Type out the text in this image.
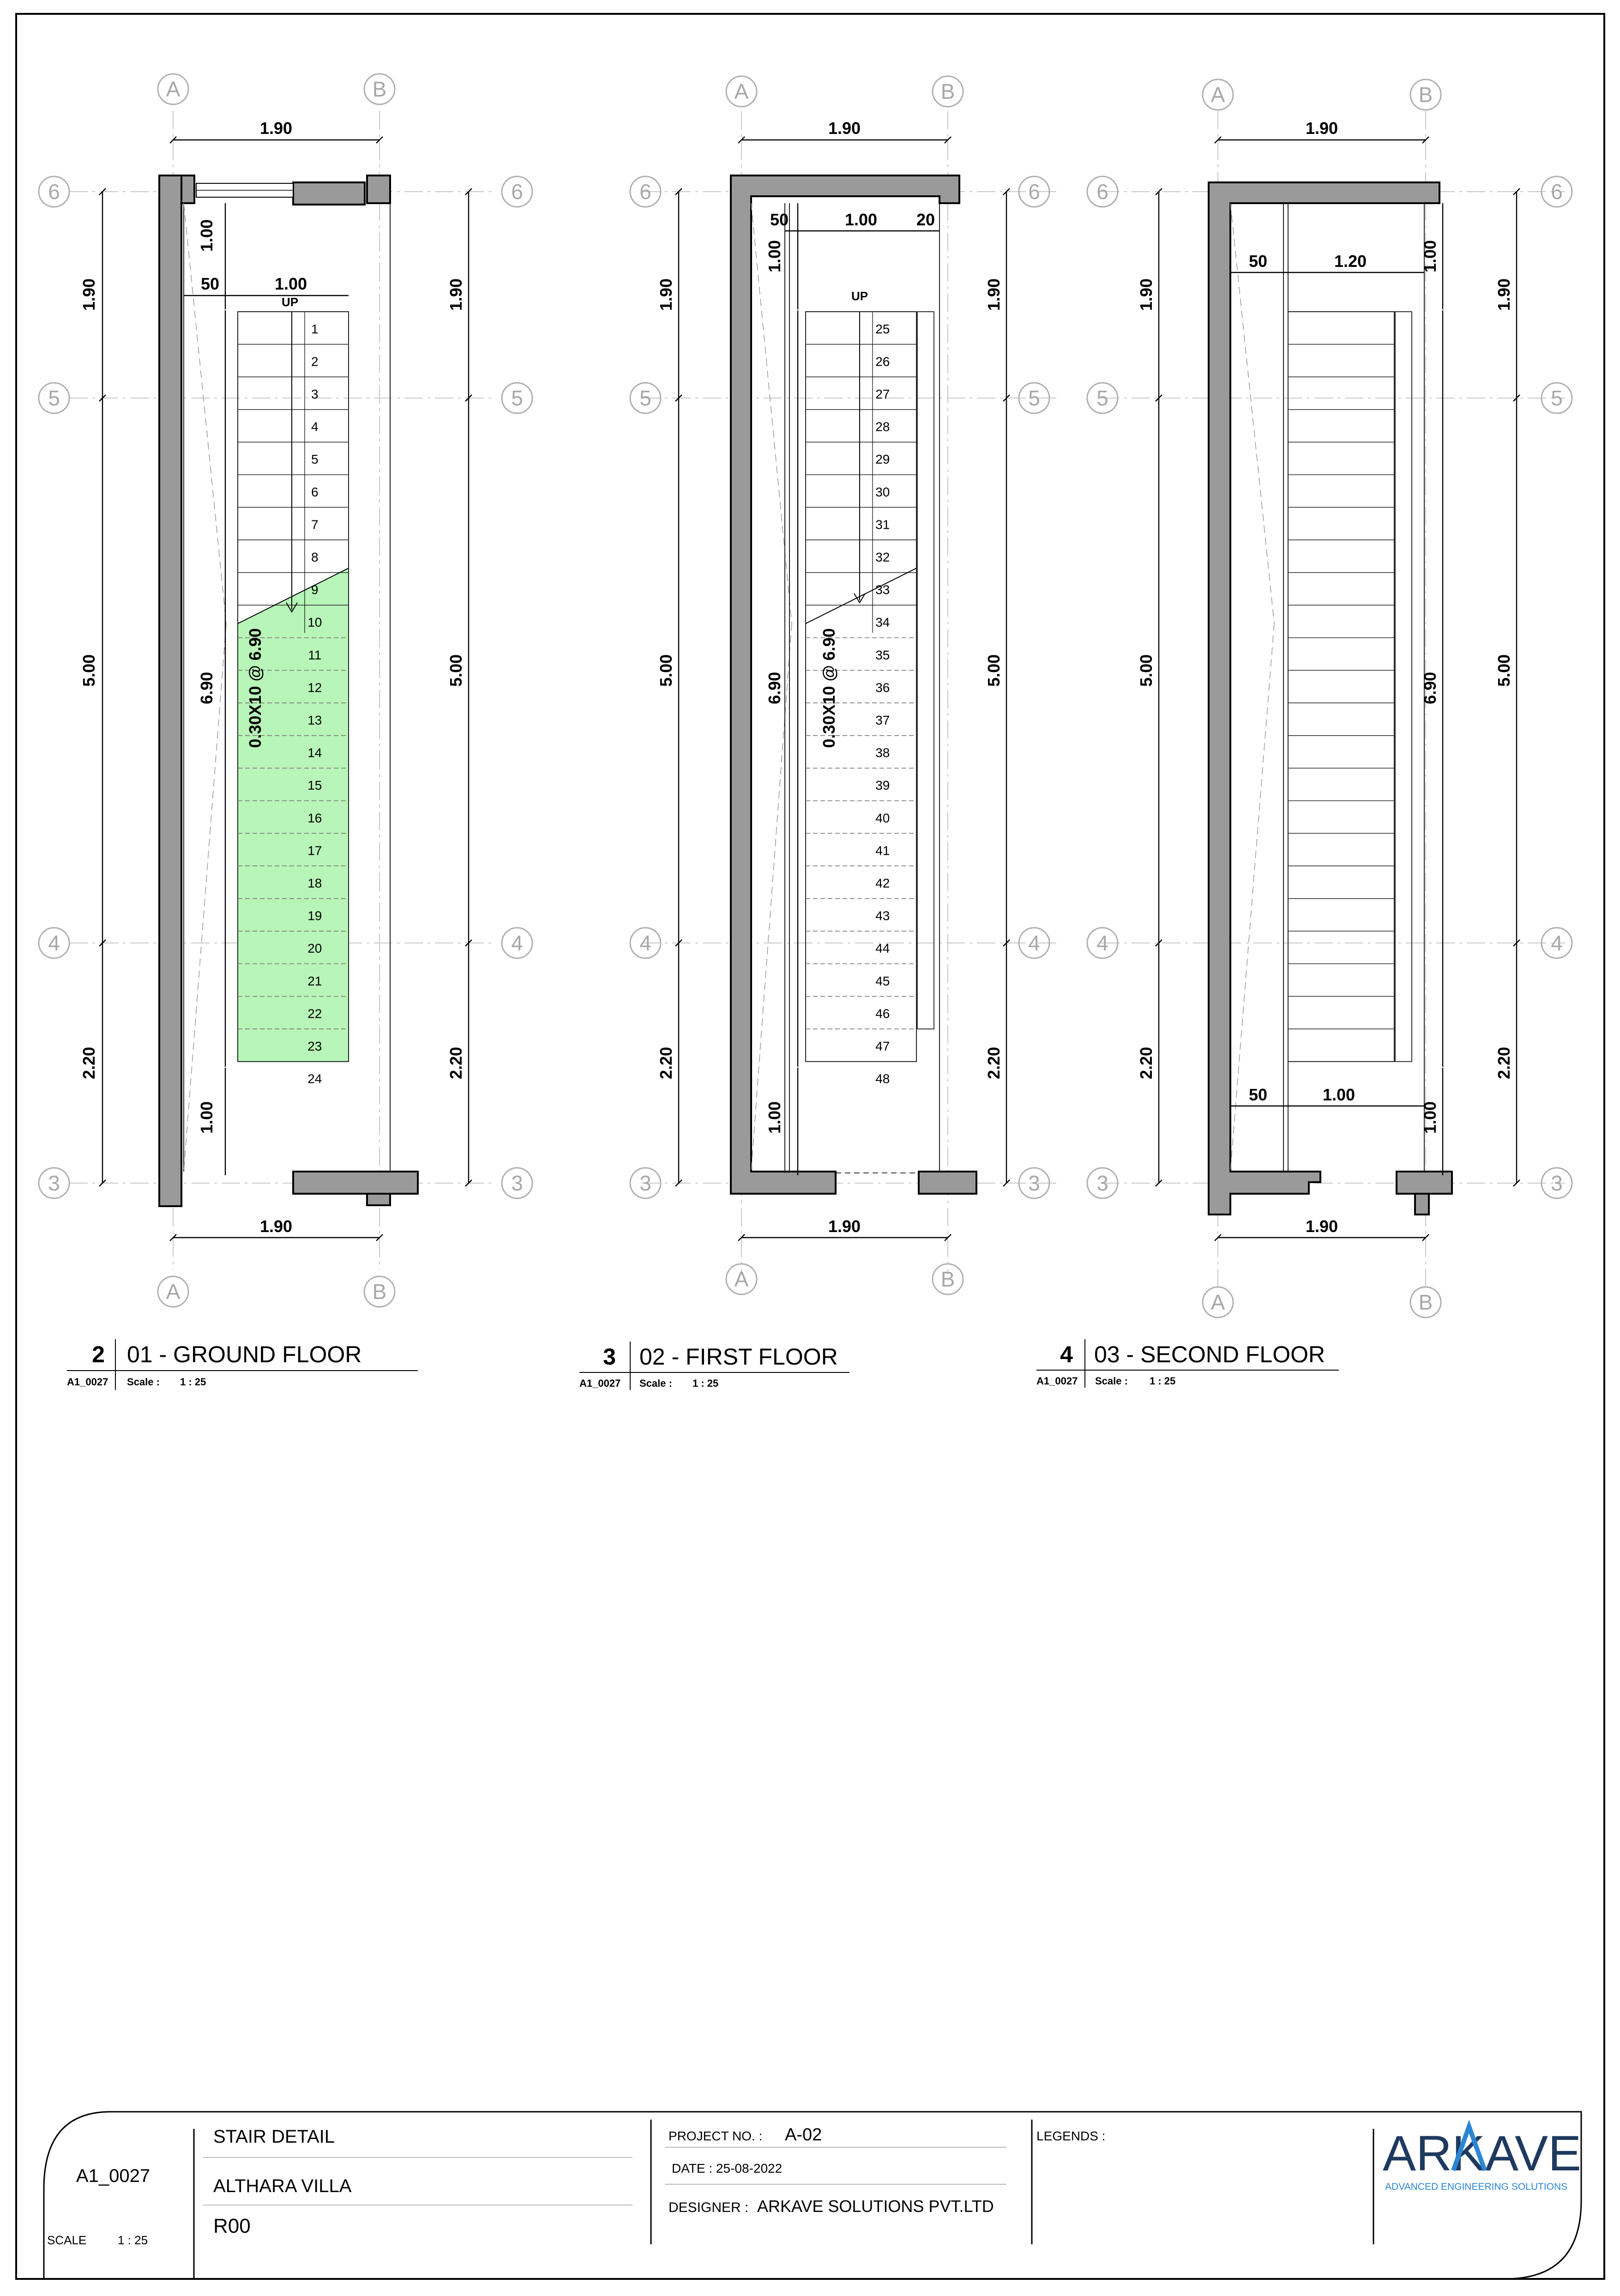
A	B
A	B
6
5
4
3
6
5
4
3
1.90
1.90
1.90
5.00
2.20
1.90
5.00
2.20
1.00
6.90
1.00
50	1.00
1
2
3
4
5
6
7
8
9
10
11
12
13
14
15
16
17
18
19
20
21
22
23
24
UP
0.30X10 @ 6.90
2 01 - GROUND FLOOR
A1_0027 Scale : 1 : 25
A	B
A	B
6
5
4
3
6
5
4
3
1.90
1.90
1.90
5.00
2.20
1.90
5.00
2.20
50	1.00 20
1.00
6.90
1.00
25
26
27
28
29
30
31
32
33
34
35
36
37
38
39
40
41
42
43
44
45
46
47
48
UP
0.30X10 @ 6.90
3 02 - FIRST FLOOR
A1_0027 Scale : 1 : 25
A	B
A	B
6
5
4
3
6
5
4
3
1.90
1.90
1.90
5.00
2.20
1.90
5.00
2.20
50	1.20
50	1.00
1.00
6.90
1.00
4 03 - SECOND FLOOR
A1_0027 Scale : 1 : 25
A1_0027
SCALE	1 : 25
STAIR DETAIL
ALTHARA VILLA
R00
PROJECT NO. : A-02
DATE : 25-08-2022
DESIGNER : ARKAVE SOLUTIONS PVT.LTD
LEGENDS :	ARKAVE
ADVANCED ENGINEERING SOLUTIONS
